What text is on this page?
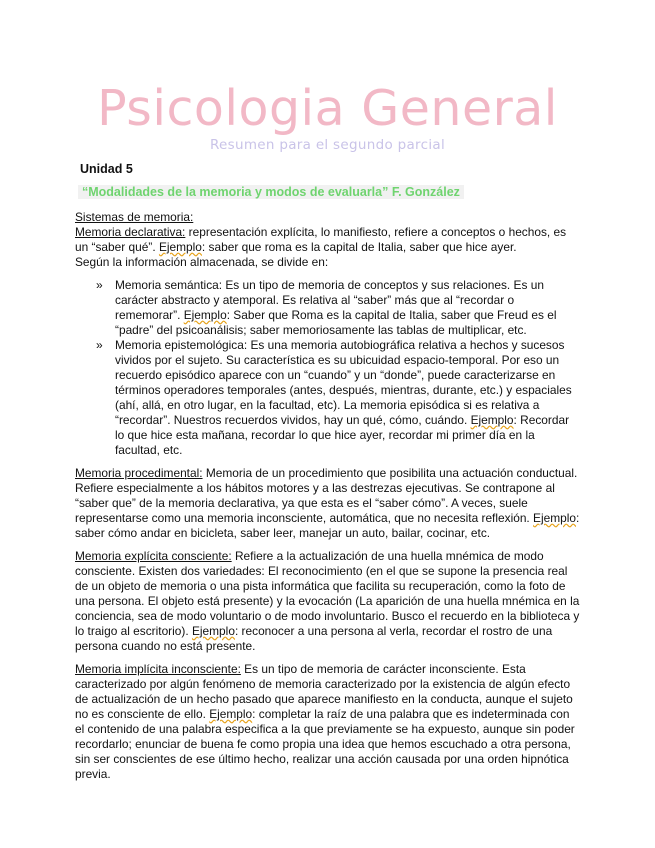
Psicologia General
Resumen para el segundo parcial
Unidad 5
“Modalidades de la memoria y modos de evaluarla” F. González

Sistemas de memoria:

Memoria declarativa: representación explícita, lo manifiesto, refiere a conceptos o hechos, es un “saber qué”. Ejemplo: saber que roma es la capital de Italia, saber que hice ayer.

Según la información almacenada, se divide en:

» Memoria semántica: Es un tipo de memoria de conceptos y sus relaciones. Es un carácter abstracto y atemporal. Es relativa al “saber” más que al “recordar o rememorar”. Ejemplo: Saber que Roma es la capital de Italia, saber que Freud es el “padre” del psicoanálisis; saber memoriosamente las tablas de multiplicar, etc.
» Memoria epistemológica: Es una memoria autobiográfica relativa a hechos y sucesos vividos por el sujeto. Su característica es su ubicuidad espacio-temporal. Por eso un recuerdo episódico aparece con un “cuando” y un “donde”, puede caracterizarse en términos operadores temporales (antes, después, mientras, durante, etc.) y espaciales (ahí, allá, en otro lugar, en la facultad, etc). La memoria episódica si es relativa a “recordar”. Nuestros recuerdos vividos, hay un qué, cómo, cuándo. Ejemplo: Recordar lo que hice esta mañana, recordar lo que hice ayer, recordar mi primer día en la facultad, etc.

Memoria procedimental: Memoria de un procedimiento que posibilita una actuación conductual. Refiere especialmente a los hábitos motores y a las destrezas ejecutivas. Se contrapone al “saber que” de la memoria declarativa, ya que esta es el “saber cómo”. A veces, suele representarse como una memoria inconsciente, automática, que no necesita reflexión. Ejemplo: saber cómo andar en bicicleta, saber leer, manejar un auto, bailar, cocinar, etc.

Memoria explícita consciente: Refiere a la actualización de una huella mnémica de modo consciente. Existen dos variedades: El reconocimiento (en el que se supone la presencia real de un objeto de memoria o una pista informática que facilita su recuperación, como la foto de una persona. El objeto está presente) y la evocación (La aparición de una huella mnémica en la conciencia, sea de modo voluntario o de modo involuntario. Busco el recuerdo en la biblioteca y lo traigo al escritorio). Ejemplo: reconocer a una persona al verla, recordar el rostro de una persona cuando no está presente.

Memoria implícita inconsciente: Es un tipo de memoria de carácter inconsciente. Esta caracterizado por algún fenómeno de memoria caracterizado por la existencia de algún efecto de actualización de un hecho pasado que aparece manifiesto en la conducta, aunque el sujeto no es consciente de ello. Ejemplo: completar la raíz de una palabra que es indeterminada con el contenido de una palabra especifica a la que previamente se ha expuesto, aunque sin poder recordarlo; enunciar de buena fe como propia una idea que hemos escuchado a otra persona, sin ser conscientes de ese último hecho, realizar una acción causada por una orden hipnótica previa.
